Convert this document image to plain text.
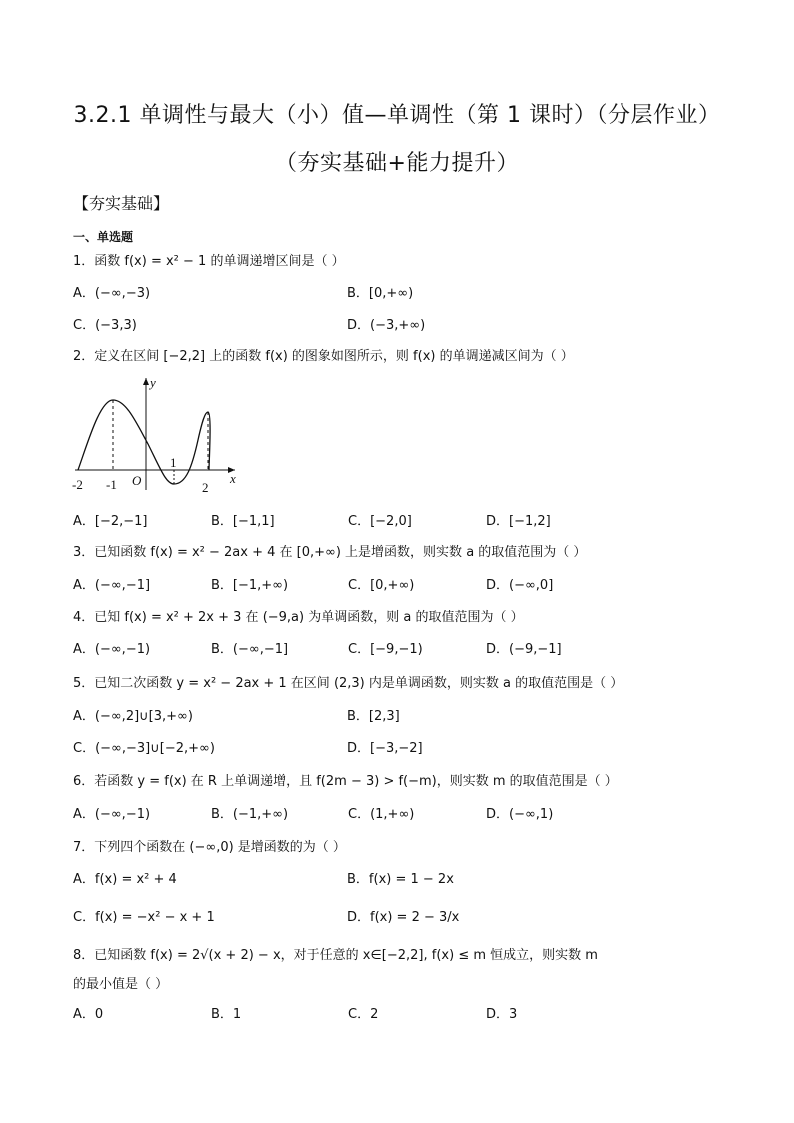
3.2.1 单调性与最大（小）值—单调性（第 1 课时）（分层作业）
（夯实基础+能力提升）
【夯实基础】
一、单选题
1．函数 f(x) = x² − 1 的单调递增区间是（ ）
A．(−∞,−3)	B．[0,+∞)
C．(−3,3)	D．(−3,+∞)
2．定义在区间 [−2,2] 上的函数 f(x) 的图象如图所示，则 f(x) 的单调递减区间为（ ）
y
x
O
-2 -1	2
1
A．[−2,−1]	B．[−1,1]	C．[−2,0]	D．[−1,2]
3．已知函数 f(x) = x² − 2ax + 4 在 [0,+∞) 上是增函数，则实数 a 的取值范围为（ ）
A．(−∞,−1]	B．[−1,+∞)	C．[0,+∞)	D．(−∞,0]
4．已知 f(x) = x² + 2x + 3 在 (−9,a) 为单调函数，则 a 的取值范围为（ ）
A．(−∞,−1)	B．(−∞,−1]	C．[−9,−1)	D．(−9,−1]
5．已知二次函数 y = x² − 2ax + 1 在区间 (2,3) 内是单调函数，则实数 a 的取值范围是（ ）
A．(−∞,2]∪[3,+∞)	B．[2,3]
C．(−∞,−3]∪[−2,+∞)	D．[−3,−2]
6．若函数 y = f(x) 在 R 上单调递增，且 f(2m − 3) > f(−m)，则实数 m 的取值范围是（ ）
A．(−∞,−1)	B．(−1,+∞)	C．(1,+∞)	D．(−∞,1)
7．下列四个函数在 (−∞,0) 是增函数的为（ ）
A．f(x) = x² + 4	B．f(x) = 1 − 2x
C．f(x) = −x² − x + 1	D．f(x) = 2 − 3/x
8．已知函数 f(x) = 2√(x + 2) − x，对于任意的 x∈[−2,2], f(x) ≤ m 恒成立，则实数 m
的最小值是（ ）
A．0	B．1	C．2	D．3
